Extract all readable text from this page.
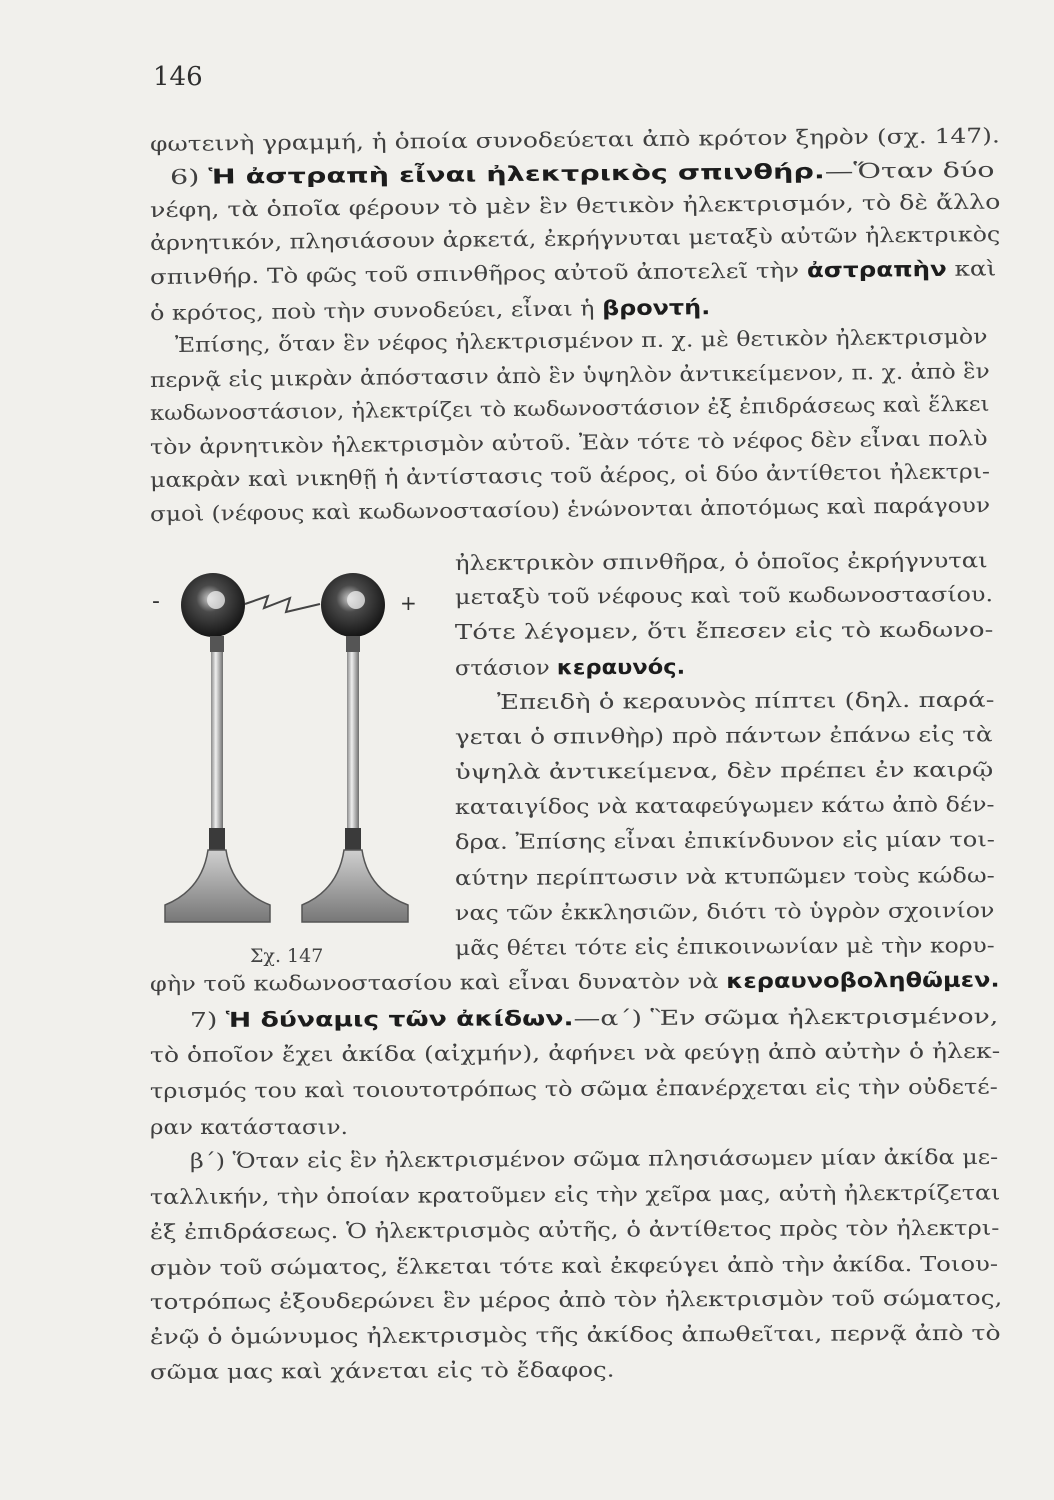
146
φωτεινὴ γραμμή, ἡ ὁποία συνοδεύεται ἀπὸ κρότον ξηρὸν (σχ. 147).
6) Ἡ ἀστραπὴ εἶναι ἠλεκτρικὸς σπινθήρ.—Ὅταν δύο
νέφη, τὰ ὁποῖα φέρουν τὸ μὲν ἓν θετικὸν ἠλεκτρισμόν, τὸ δὲ ἄλλο
ἀρνητικόν, πλησιάσουν ἀρκετά, ἐκρήγνυται μεταξὺ αὐτῶν ἠλεκτρικὸς
σπινθήρ. Τὸ φῶς τοῦ σπινθῆρος αὐτοῦ ἀποτελεῖ τὴν ἀστραπὴν καὶ
ὁ κρότος, ποὺ τὴν συνοδεύει, εἶναι ἡ βροντή.
Ἐπίσης, ὅταν ἓν νέφος ἠλεκτρισμένον π. χ. μὲ θετικὸν ἠλεκτρισμὸν
περνᾷ εἰς μικρὰν ἀπόστασιν ἀπὸ ἓν ὑψηλὸν ἀντικείμενον, π. χ. ἀπὸ ἓν
κωδωνοστάσιον, ἠλεκτρίζει τὸ κωδωνοστάσιον ἐξ ἐπιδράσεως καὶ ἕλκει
τὸν ἀρνητικὸν ἠλεκτρισμὸν αὐτοῦ. Ἐὰν τότε τὸ νέφος δὲν εἶναι πολὺ
μακρὰν καὶ νικηθῇ ἡ ἀντίστασις τοῦ ἀέρος, οἱ δύο ἀντίθετοι ἠλεκτρι-
σμοὶ (νέφους καὶ κωδωνοστασίου) ἑνώνονται ἀποτόμως καὶ παράγουν
ἠλεκτρικὸν σπινθῆρα, ὁ ὁποῖος ἐκρήγνυται
μεταξὺ τοῦ νέφους καὶ τοῦ κωδωνοστασίου.
Τότε λέγομεν, ὅτι ἔπεσεν εἰς τὸ κωδωνο-
στάσιον κεραυνός.
Ἐπειδὴ ὁ κεραυνὸς πίπτει (δηλ. παρά-
γεται ὁ σπινθὴρ) πρὸ πάντων ἐπάνω εἰς τὰ
ὑψηλὰ ἀντικείμενα, δὲν πρέπει ἐν καιρῷ
καταιγίδος νὰ καταφεύγωμεν κάτω ἀπὸ δέν-
δρα. Ἐπίσης εἶναι ἐπικίνδυνον εἰς μίαν τοι-
αύτην περίπτωσιν νὰ κτυπῶμεν τοὺς κώδω-
νας τῶν ἐκκλησιῶν, διότι τὸ ὑγρὸν σχοινίον
μᾶς θέτει τότε εἰς ἐπικοινωνίαν μὲ τὴν κορυ-
φὴν τοῦ κωδωνοστασίου καὶ εἶναι δυνατὸν νὰ κεραυνοβοληθῶμεν.
7) Ἡ δύναμις τῶν ἀκίδων.—α΄) Ἓν σῶμα ἠλεκτρισμένον,
τὸ ὁποῖον ἔχει ἀκίδα (αἰχμήν), ἀφήνει νὰ φεύγῃ ἀπὸ αὐτὴν ὁ ἠλεκ-
τρισμός του καὶ τοιουτοτρόπως τὸ σῶμα ἐπανέρχεται εἰς τὴν οὐδετέ-
ραν κατάστασιν.
β΄) Ὅταν εἰς ἓν ἠλεκτρισμένον σῶμα πλησιάσωμεν μίαν ἀκίδα με-
ταλλικήν, τὴν ὁποίαν κρατοῦμεν εἰς τὴν χεῖρα μας, αὐτὴ ἠλεκτρίζεται
ἐξ ἐπιδράσεως. Ὁ ἠλεκτρισμὸς αὐτῆς, ὁ ἀντίθετος πρὸς τὸν ἠλεκτρι-
σμὸν τοῦ σώματος, ἕλκεται τότε καὶ ἐκφεύγει ἀπὸ τὴν ἀκίδα. Τοιου-
τοτρόπως ἐξουδερώνει ἓν μέρος ἀπὸ τὸν ἠλεκτρισμὸν τοῦ σώματος,
ἐνῷ ὁ ὁμώνυμος ἠλεκτρισμὸς τῆς ἀκίδος ἀπωθεῖται, περνᾷ ἀπὸ τὸ
σῶμα μας καὶ χάνεται εἰς τὸ ἔδαφος.
-	+
Σχ. 147
